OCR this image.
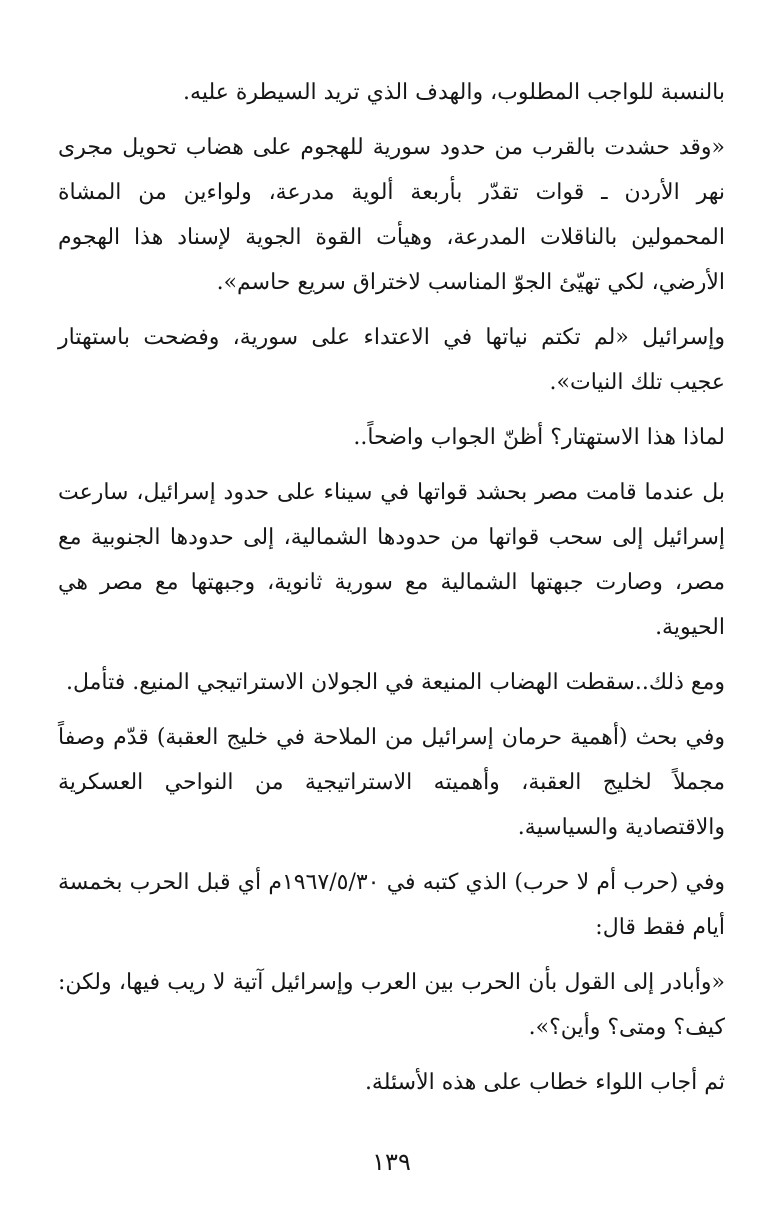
بالنسبة للواجب المطلوب، والهدف الذي تريد السيطرة عليه.

«وقد حشدت بالقرب من حدود سورية للهجوم على هضاب تحويل مجرى نهر الأردن ـ قوات تقدّر بأربعة ألوية مدرعة، ولواءين من المشاة المحمولين بالناقلات المدرعة، وهيأت القوة الجوية لإسناد هذا الهجوم الأرضي، لكي تهيّئ الجوّ المناسب لاختراق سريع حاسم».

وإسرائيل «لم تكتم نياتها في الاعتداء على سورية، وفضحت باستهتار عجيب تلك النيات».

لماذا هذا الاستهتار؟ أظنّ الجواب واضحاً..

بل عندما قامت مصر بحشد قواتها في سيناء على حدود إسرائيل، سارعت إسرائيل إلى سحب قواتها من حدودها الشمالية، إلى حدودها الجنوبية مع مصر، وصارت جبهتها الشمالية مع سورية ثانوية، وجبهتها مع مصر هي الحيوية.

ومع ذلك..سقطت الهضاب المنيعة في الجولان الاستراتيجي المنيع. فتأمل.

وفي بحث (أهمية حرمان إسرائيل من الملاحة في خليج العقبة) قدّم وصفاً مجملاً لخليج العقبة، وأهميته الاستراتيجية من النواحي العسكرية والاقتصادية والسياسية.

وفي (حرب أم لا حرب) الذي كتبه في ١٩٦٧/٥/٣٠م أي قبل الحرب بخمسة أيام فقط قال:

«وأبادر إلى القول بأن الحرب بين العرب وإسرائيل آتية لا ريب فيها، ولكن: كيف؟ ومتى؟ وأين؟».

ثم أجاب اللواء خطاب على هذه الأسئلة.

١٣٩
